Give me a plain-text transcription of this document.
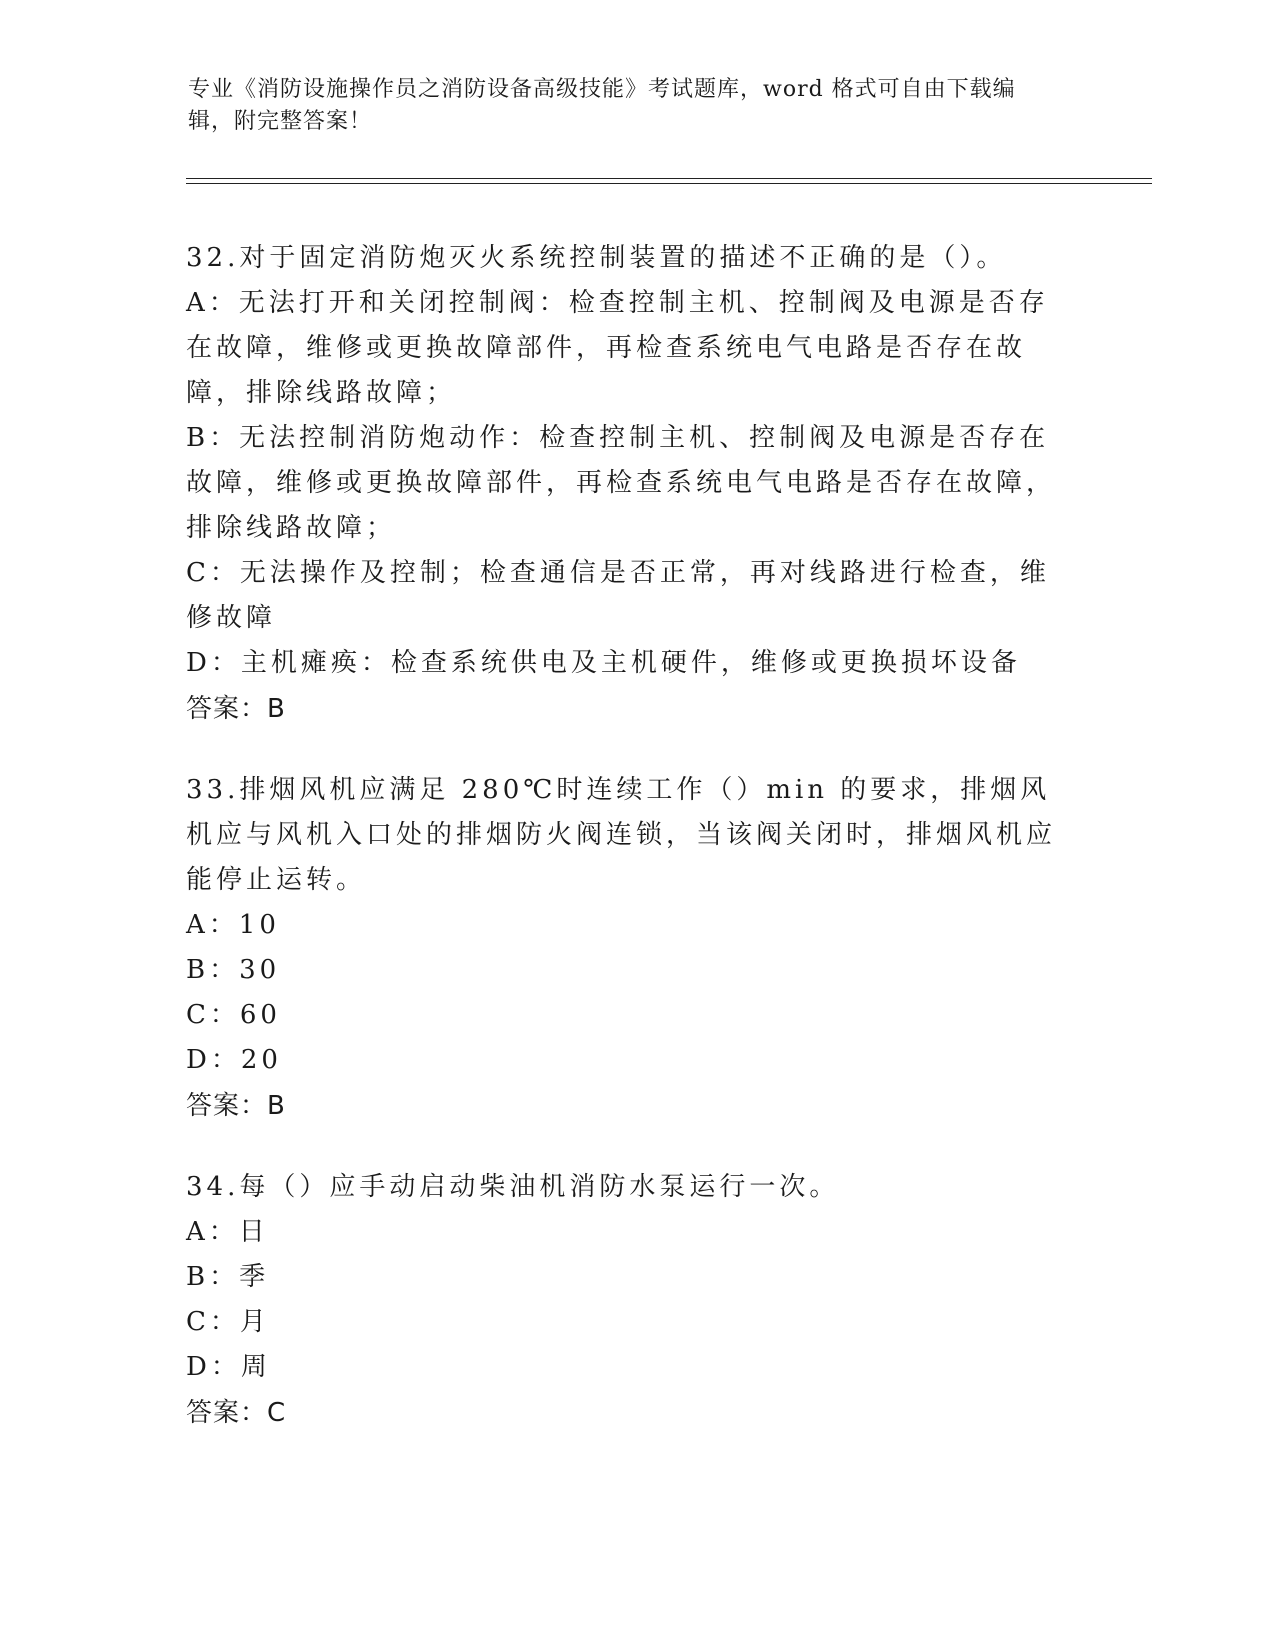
专业《消防设施操作员之消防设备高级技能》考试题库，word 格式可自由下载编
辑，附完整答案！
32.对于固定消防炮灭火系统控制装置的描述不正确的是（）。
A：无法打开和关闭控制阀：检查控制主机、控制阀及电源是否存在故障，维修或更换故障部件，再检查系统电气电路是否存在故障，排除线路故障；
B：无法控制消防炮动作：检查控制主机、控制阀及电源是否存在故障，维修或更换故障部件，再检查系统电气电路是否存在故障，排除线路故障；
C：无法操作及控制；检查通信是否正常，再对线路进行检查，维修故障
D：主机瘫痪：检查系统供电及主机硬件，维修或更换损坏设备
答案：B
33.排烟风机应满足 280℃时连续工作（）min 的要求，排烟风机应与风机入口处的排烟防火阀连锁，当该阀关闭时，排烟风机应能停止运转。
A：10
B：30
C：60
D：20
答案：B
34.每（）应手动启动柴油机消防水泵运行一次。
A：日
B：季
C：月
D：周
答案：C
